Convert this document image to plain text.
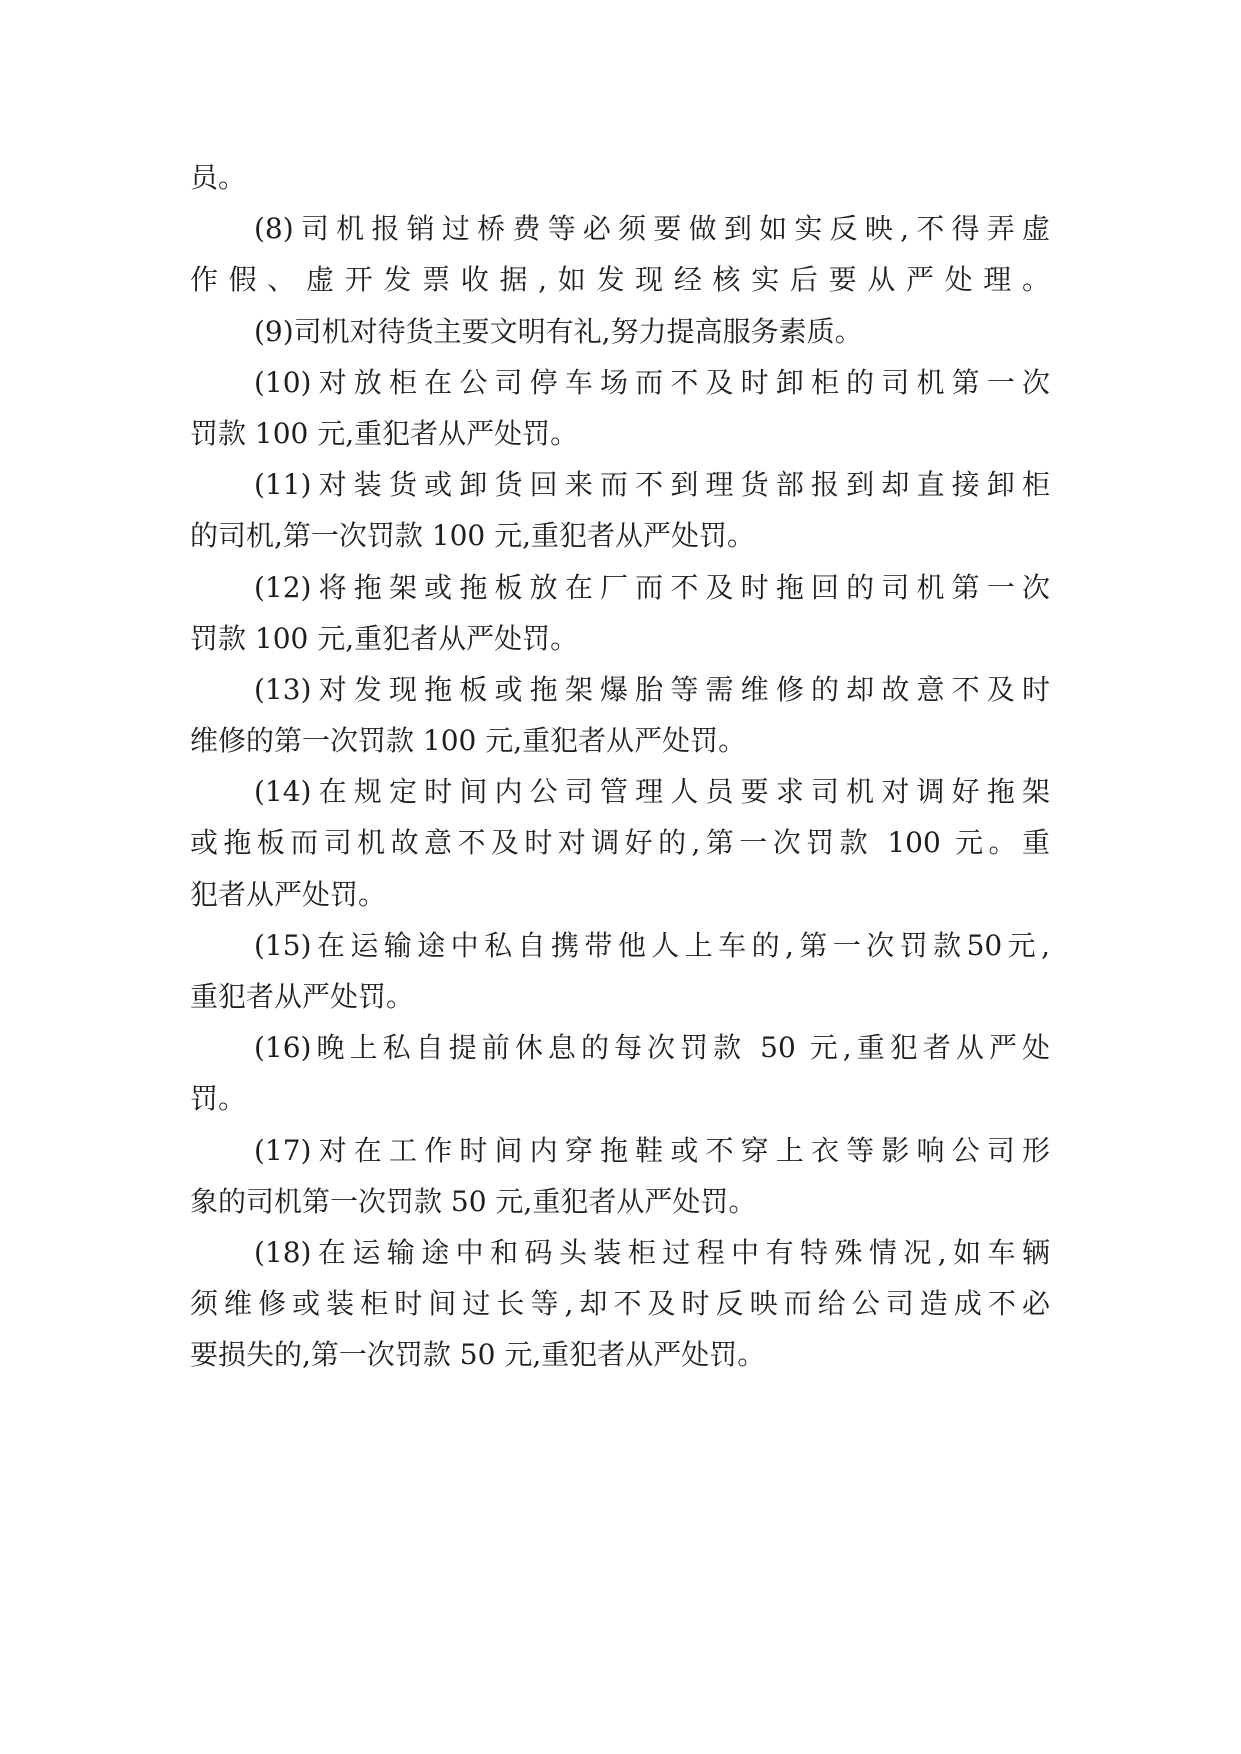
员。
(8)司机报销过桥费等必须要做到如实反映,不得弄虚
作假、虚开发票收据,如发现经核实后要从严处理。
(9)司机对待货主要文明有礼,努力提高服务素质。
(10)对放柜在公司停车场而不及时卸柜的司机第一次
罚款 100 元,重犯者从严处罚。
(11)对装货或卸货回来而不到理货部报到却直接卸柜
的司机,第一次罚款 100 元,重犯者从严处罚。
(12)将拖架或拖板放在厂而不及时拖回的司机第一次
罚款 100 元,重犯者从严处罚。
(13)对发现拖板或拖架爆胎等需维修的却故意不及时
维修的第一次罚款 100 元,重犯者从严处罚。
(14)在规定时间内公司管理人员要求司机对调好拖架
或拖板而司机故意不及时对调好的,第一次罚款 100 元。重
犯者从严处罚。
(15)在运输途中私自携带他人上车的,第一次罚款50元,
重犯者从严处罚。
(16)晚上私自提前休息的每次罚款 50 元,重犯者从严处
罚。
(17)对在工作时间内穿拖鞋或不穿上衣等影响公司形
象的司机第一次罚款 50 元,重犯者从严处罚。
(18)在运输途中和码头装柜过程中有特殊情况,如车辆
须维修或装柜时间过长等,却不及时反映而给公司造成不必
要损失的,第一次罚款 50 元,重犯者从严处罚。
